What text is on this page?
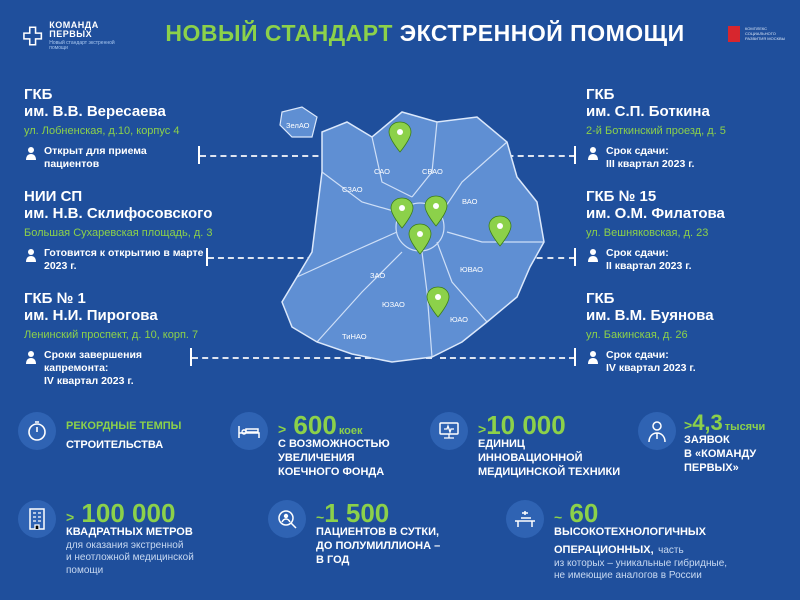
КОМАНДА
ПЕРВЫХ
Новый стандарт экстренной помощи
НОВЫЙ СТАНДАРТ ЭКСТРЕННОЙ ПОМОЩИ	КОМПЛЕКС СОЦИАЛЬНОГО РАЗВИТИЯ МОСКВЫ
ГКБ
им. В.В. Вересаева
ул. Лобненская, д.10, корпус 4
Открыт для приема пациентов
НИИ СП
им. Н.В. Склифосовского
Большая Сухаревская площадь, д. 3
Готовится к открытию в марте 2023 г.
ГКБ № 1
им. Н.И. Пирогова
Ленинский проспект, д. 10, корп. 7
Сроки завершения
капремонта:
IV квартал 2023 г.
ГКБ
им. С.П. Боткина
2-й Боткинский проезд, д. 5
Срок сдачи:
III квартал 2023 г.
ГКБ № 15
им. О.М. Филатова
ул. Вешняковская, д. 23
Срок сдачи:
II квартал 2023 г.
ГКБ
им. В.М. Буянова
ул. Бакинская, д. 26
Срок сдачи:
IV квартал 2023 г.
ЗелАО
САО	СВАО
СЗАО
ВАО
ЗАО
ЮВАО
ЮЗАО
ЮАО
ТиНАО
РЕКОРДНЫЕ ТЕМПЫ
СТРОИТЕЛЬСТВА
> 600 коек
С ВОЗМОЖНОСТЬЮ
УВЕЛИЧЕНИЯ
КОЕЧНОГО ФОНДА
>10 000
ЕДИНИЦ
ИННОВАЦИОННОЙ
МЕДИЦИНСКОЙ ТЕХНИКИ
>4,3 тысячи
ЗАЯВОК
В «КОМАНДУ
ПЕРВЫХ»
> 100 000
КВАДРАТНЫХ МЕТРОВ
для оказания экстренной
и неотложной медицинской
помощи
~1 500
ПАЦИЕНТОВ В СУТКИ,
ДО ПОЛУМИЛЛИОНА –
В ГОД
~ 60
ВЫСОКОТЕХНОЛОГИЧНЫХ
ОПЕРАЦИОННЫХ, часть
из которых – уникальные гибридные,
не имеющие аналогов в России
